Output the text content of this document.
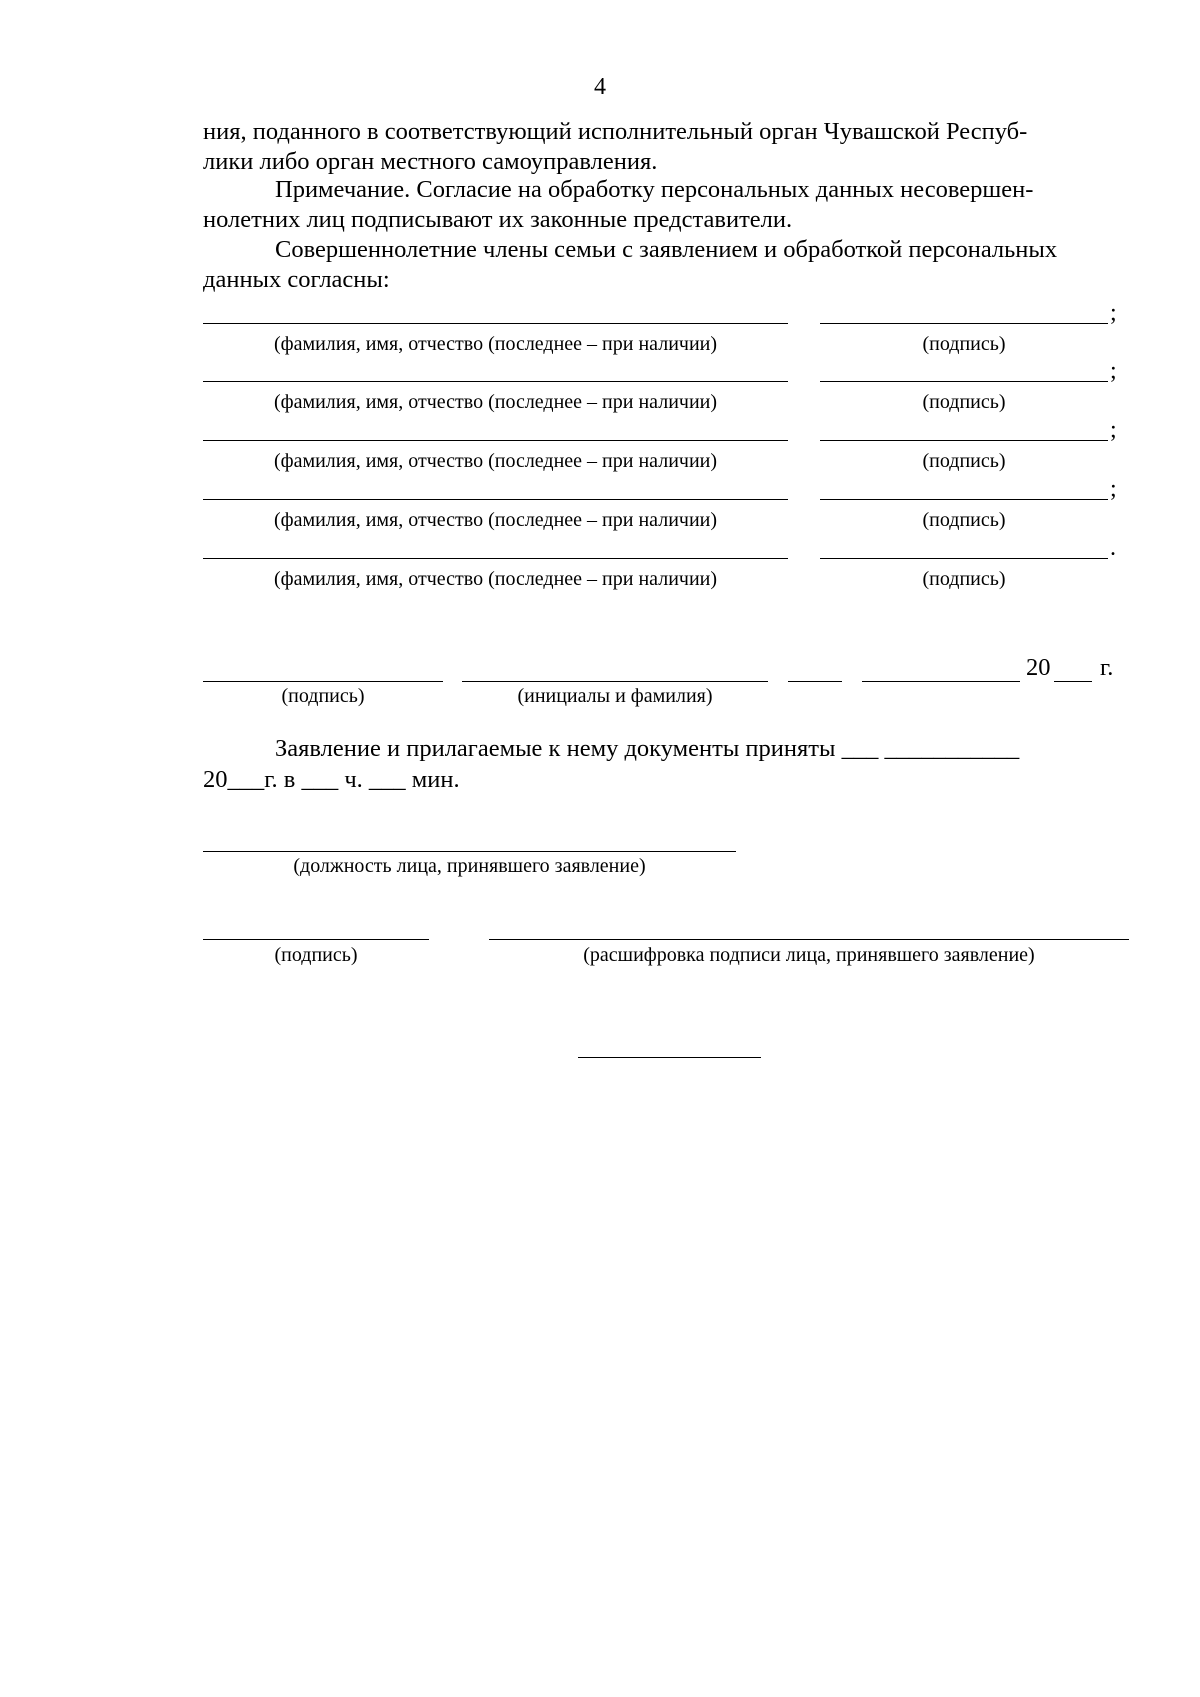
4
ния, поданного в соответствующий исполнительный орган Чувашской Респуб-
лики либо орган местного самоуправления.
Примечание. Согласие на обработку персональных данных несовершен-
нолетних лиц подписывают их законные представители.
Совершеннолетние члены семьи с заявлением и обработкой персональных
данных согласны:
;
(фамилия, имя, отчество (последнее – при наличии)	(подпись)
;
(фамилия, имя, отчество (последнее – при наличии)	(подпись)
;
(фамилия, имя, отчество (последнее – при наличии)	(подпись)
;
(фамилия, имя, отчество (последнее – при наличии)	(подпись)
.
(фамилия, имя, отчество (последнее – при наличии)	(подпись)
20 г.
(подпись)	(инициалы и фамилия)
Заявление и прилагаемые к нему документы приняты ___ ___________
20___г. в ___ ч. ___ мин.
(должность лица, принявшего заявление)
(подпись)	(расшифровка подписи лица, принявшего заявление)
